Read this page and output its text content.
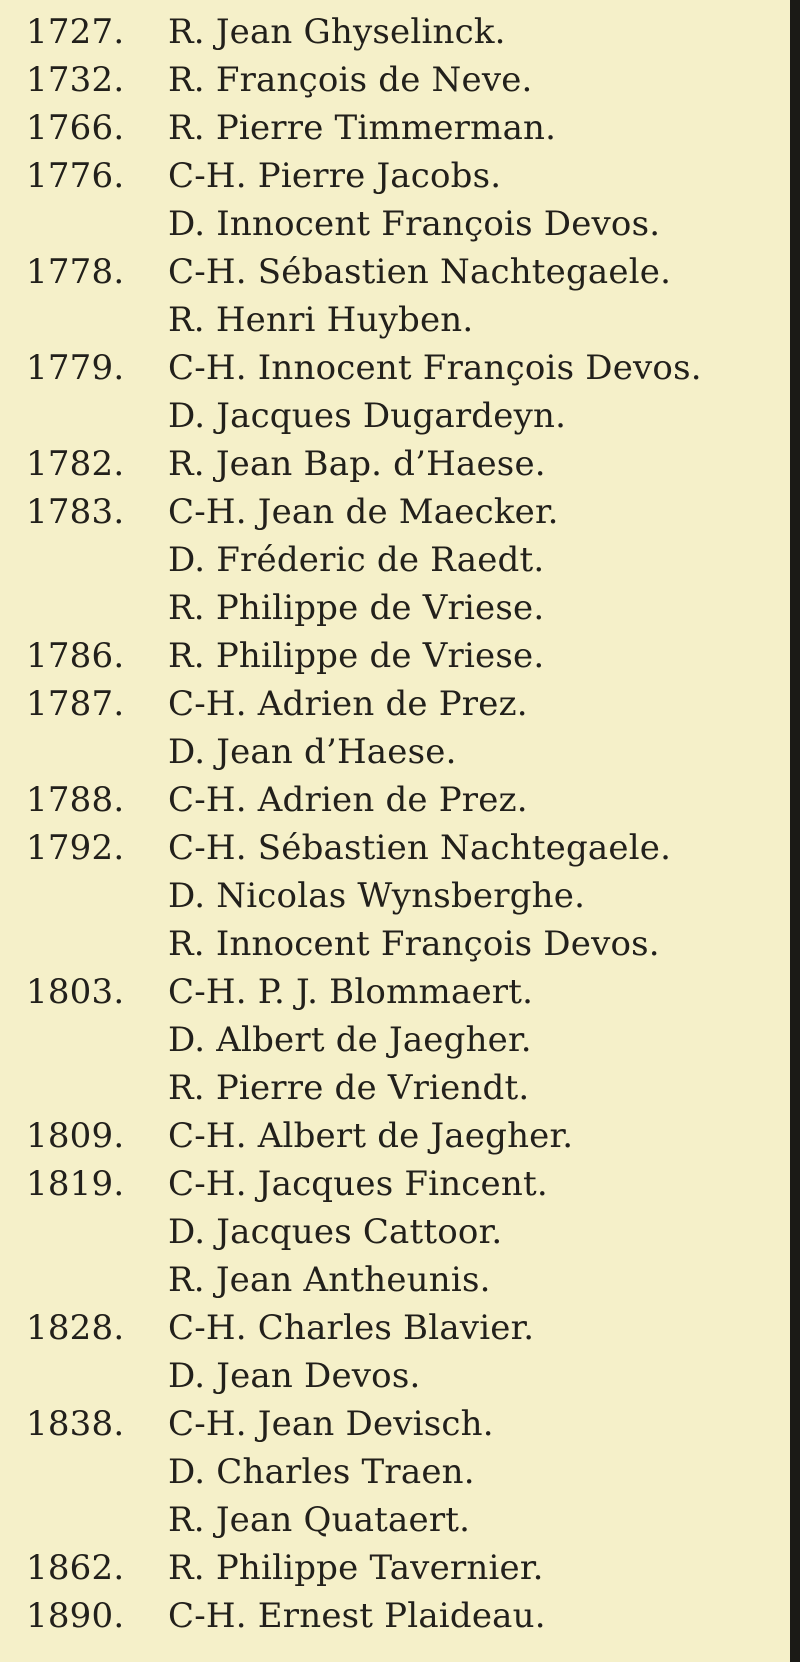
1727.	R. Jean Ghyselinck.
1732.	R. François de Neve.
1766.	R. Pierre Timmerman.
1776.	C-H. Pierre Jacobs.
D. Innocent François Devos.
1778.	C-H. Sébastien Nachtegaele.
R. Henri Huyben.
1779.	C-H. Innocent François Devos.
D. Jacques Dugardeyn.
1782.	R. Jean Bap. d’Haese.
1783.	C-H. Jean de Maecker.
D. Fréderic de Raedt.
R. Philippe de Vriese.
1786.	R. Philippe de Vriese.
1787.	C-H. Adrien de Prez.
D. Jean d’Haese.
1788.	C-H. Adrien de Prez.
1792.	C-H. Sébastien Nachtegaele.
D. Nicolas Wynsberghe.
R. Innocent François Devos.
1803.	C-H. P. J. Blommaert.
D. Albert de Jaegher.
R. Pierre de Vriendt.
1809.	C-H. Albert de Jaegher.
1819.	C-H. Jacques Fincent.
D. Jacques Cattoor.
R. Jean Antheunis.
1828.	C-H. Charles Blavier.
D. Jean Devos.
1838.	C-H. Jean Devisch.
D. Charles Traen.
R. Jean Quataert.
1862.	R. Philippe Tavernier.
1890.	C-H. Ernest Plaideau.
